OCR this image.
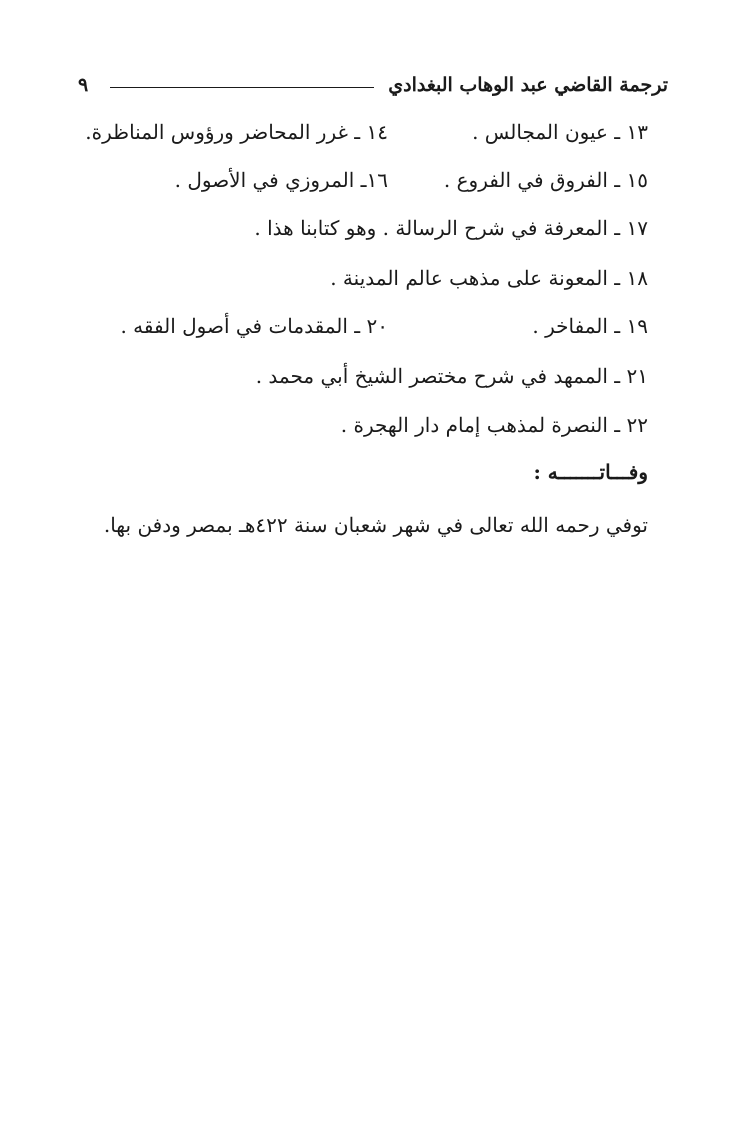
ترجمة القاضي عبد الوهاب البغدادي
٩
١٣ ـ عيون المجالس .
١٤ ـ غرر المحاضر ورؤوس المناظرة.
١٥ ـ الفروق في الفروع .
١٦ـ المروزي في الأصول .
١٧ ـ المعرفة في شرح الرسالة . وهو كتابنا هذا .
١٨ ـ المعونة على مذهب عالم المدينة .
١٩ ـ المفاخر .
٢٠ ـ المقدمات في أصول الفقه .
٢١ ـ الممهد في شرح مختصر الشيخ أبي محمد .
٢٢ ـ النصرة لمذهب إمام دار الهجرة .
وفـــاتـــــــه :
توفي رحمه الله تعالى في شهر شعبان سنة ٤٢٢هـ بمصر ودفن بها.
